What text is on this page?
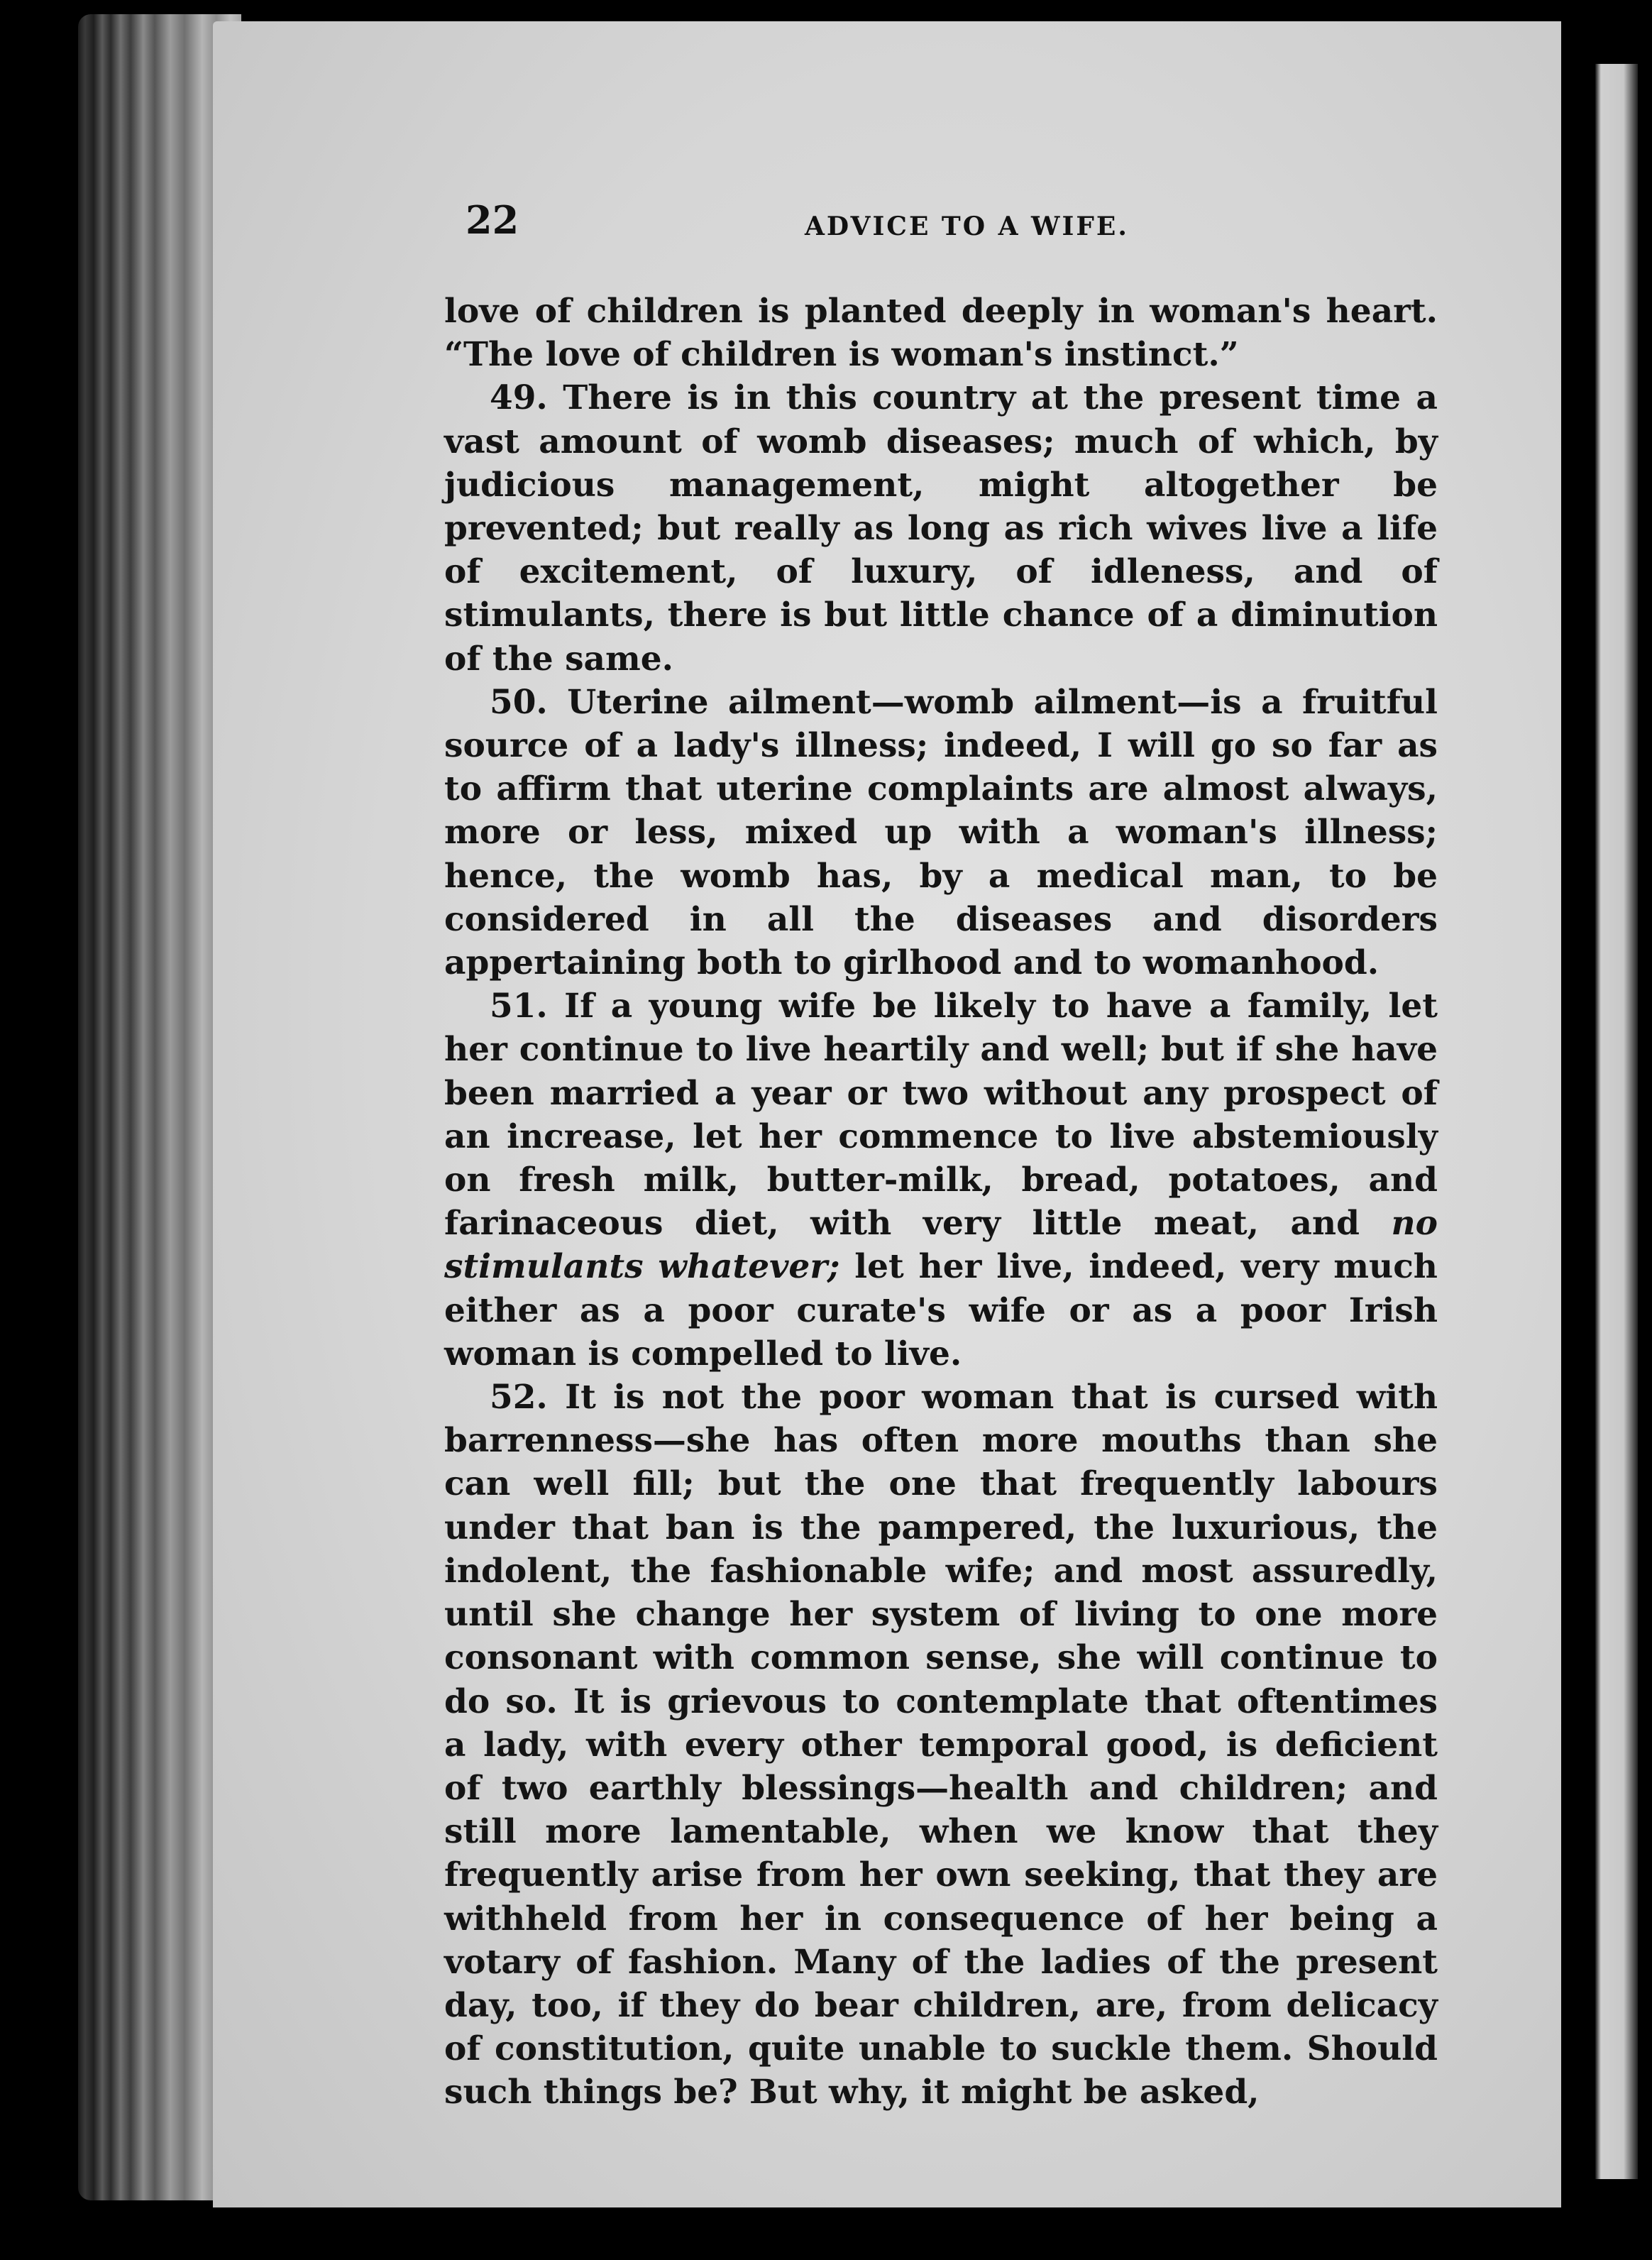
22	ADVICE TO A WIFE.

love of children is planted deeply in woman's heart. “The love of children is woman's instinct.”

49. There is in this country at the present time a vast amount of womb diseases; much of which, by judicious management, might altogether be prevented; but really as long as rich wives live a life of excitement, of luxury, of idleness, and of stimulants, there is but little chance of a diminution of the same.

50. Uterine ailment—womb ailment—is a fruitful source of a lady's illness; indeed, I will go so far as to affirm that uterine complaints are almost always, more or less, mixed up with a woman's illness; hence, the womb has, by a medical man, to be considered in all the diseases and disorders appertaining both to girlhood and to womanhood.

51. If a young wife be likely to have a family, let her continue to live heartily and well; but if she have been married a year or two without any prospect of an increase, let her commence to live abstemiously on fresh milk, butter-milk, bread, potatoes, and farinaceous diet, with very little meat, and no stimulants whatever; let her live, indeed, very much either as a poor curate's wife or as a poor Irish woman is compelled to live.

52. It is not the poor woman that is cursed with barrenness—she has often more mouths than she can well fill; but the one that frequently labours under that ban is the pampered, the luxurious, the indolent, the fashionable wife; and most assuredly, until she change her system of living to one more consonant with common sense, she will continue to do so. It is grievous to contemplate that oftentimes a lady, with every other temporal good, is deficient of two earthly blessings—health and children; and still more lamentable, when we know that they frequently arise from her own seeking, that they are withheld from her in consequence of her being a votary of fashion. Many of the ladies of the present day, too, if they do bear children, are, from delicacy of constitution, quite unable to suckle them. Should such things be? But why, it might be asked,
